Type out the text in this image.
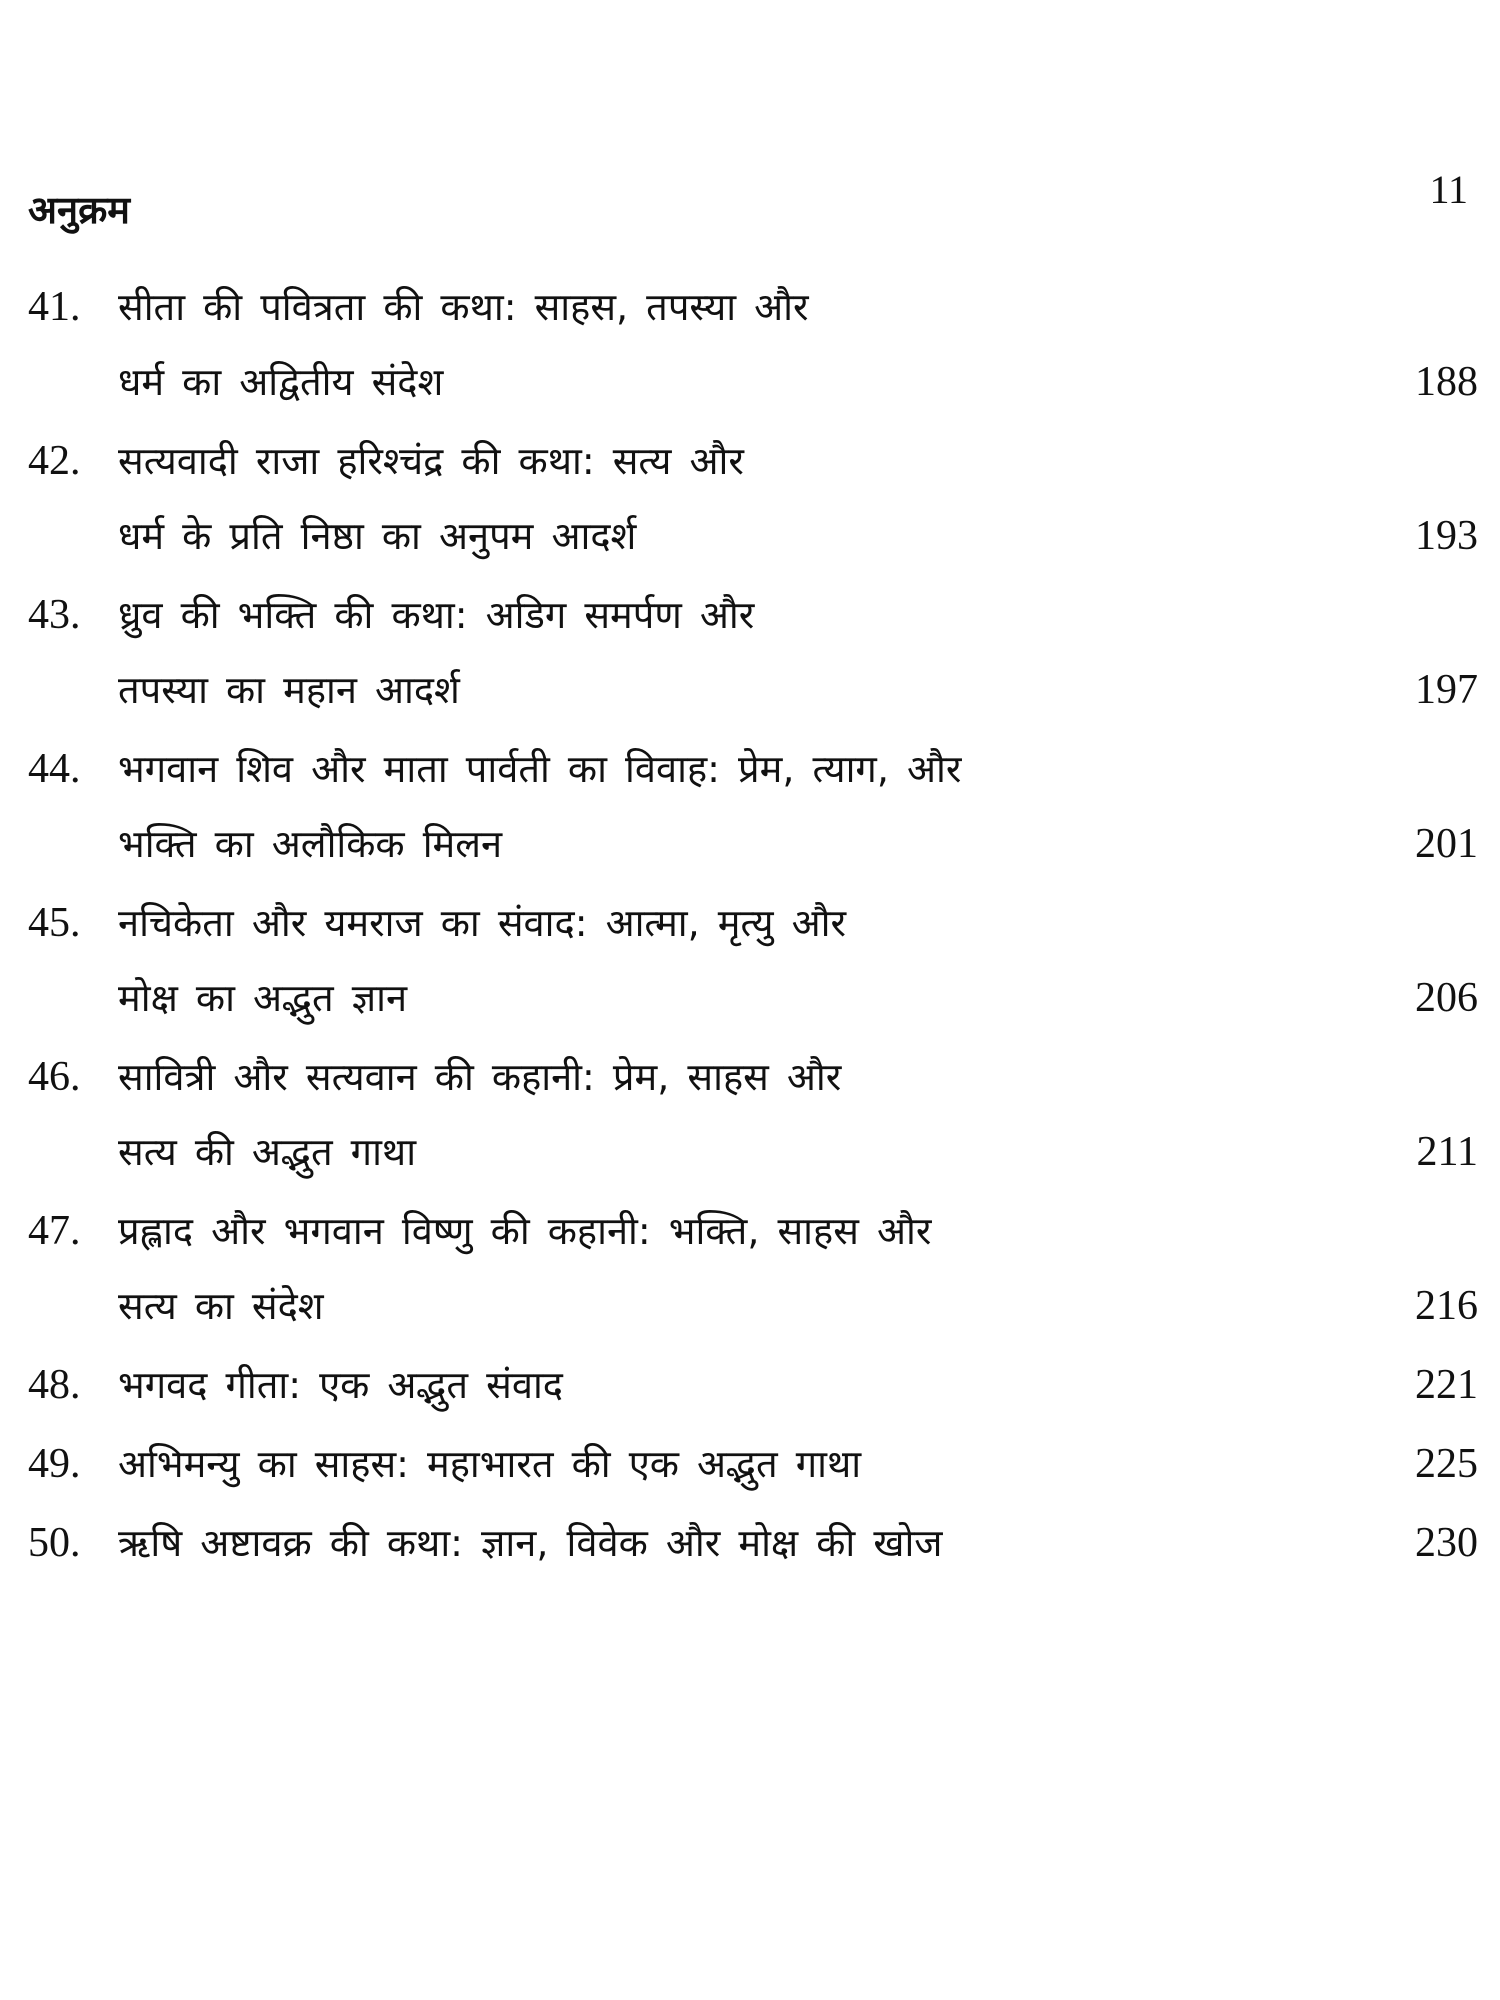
अनुक्रम	11
41. सीता की पवित्रता की कथा: साहस, तपस्या और
धर्म का अद्वितीय संदेश	188
42. सत्यवादी राजा हरिश्चंद्र की कथा: सत्य और
धर्म के प्रति निष्ठा का अनुपम आदर्श	193
43. ध्रुव की भक्ति की कथा: अडिग समर्पण और
तपस्या का महान आदर्श	197
44. भगवान शिव और माता पार्वती का विवाह: प्रेम, त्याग, और
भक्ति का अलौकिक मिलन	201
45. नचिकेता और यमराज का संवाद: आत्मा, मृत्यु और
मोक्ष का अद्भुत ज्ञान	206
46. सावित्री और सत्यवान की कहानी: प्रेम, साहस और
सत्य की अद्भुत गाथा	211
47. प्रह्लाद और भगवान विष्णु की कहानी: भक्ति, साहस और
सत्य का संदेश	216
48. भगवद गीता: एक अद्भुत संवाद	221
49. अभिमन्यु का साहस: महाभारत की एक अद्भुत गाथा	225
50. ऋषि अष्टावक्र की कथा: ज्ञान, विवेक और मोक्ष की खोज	230
